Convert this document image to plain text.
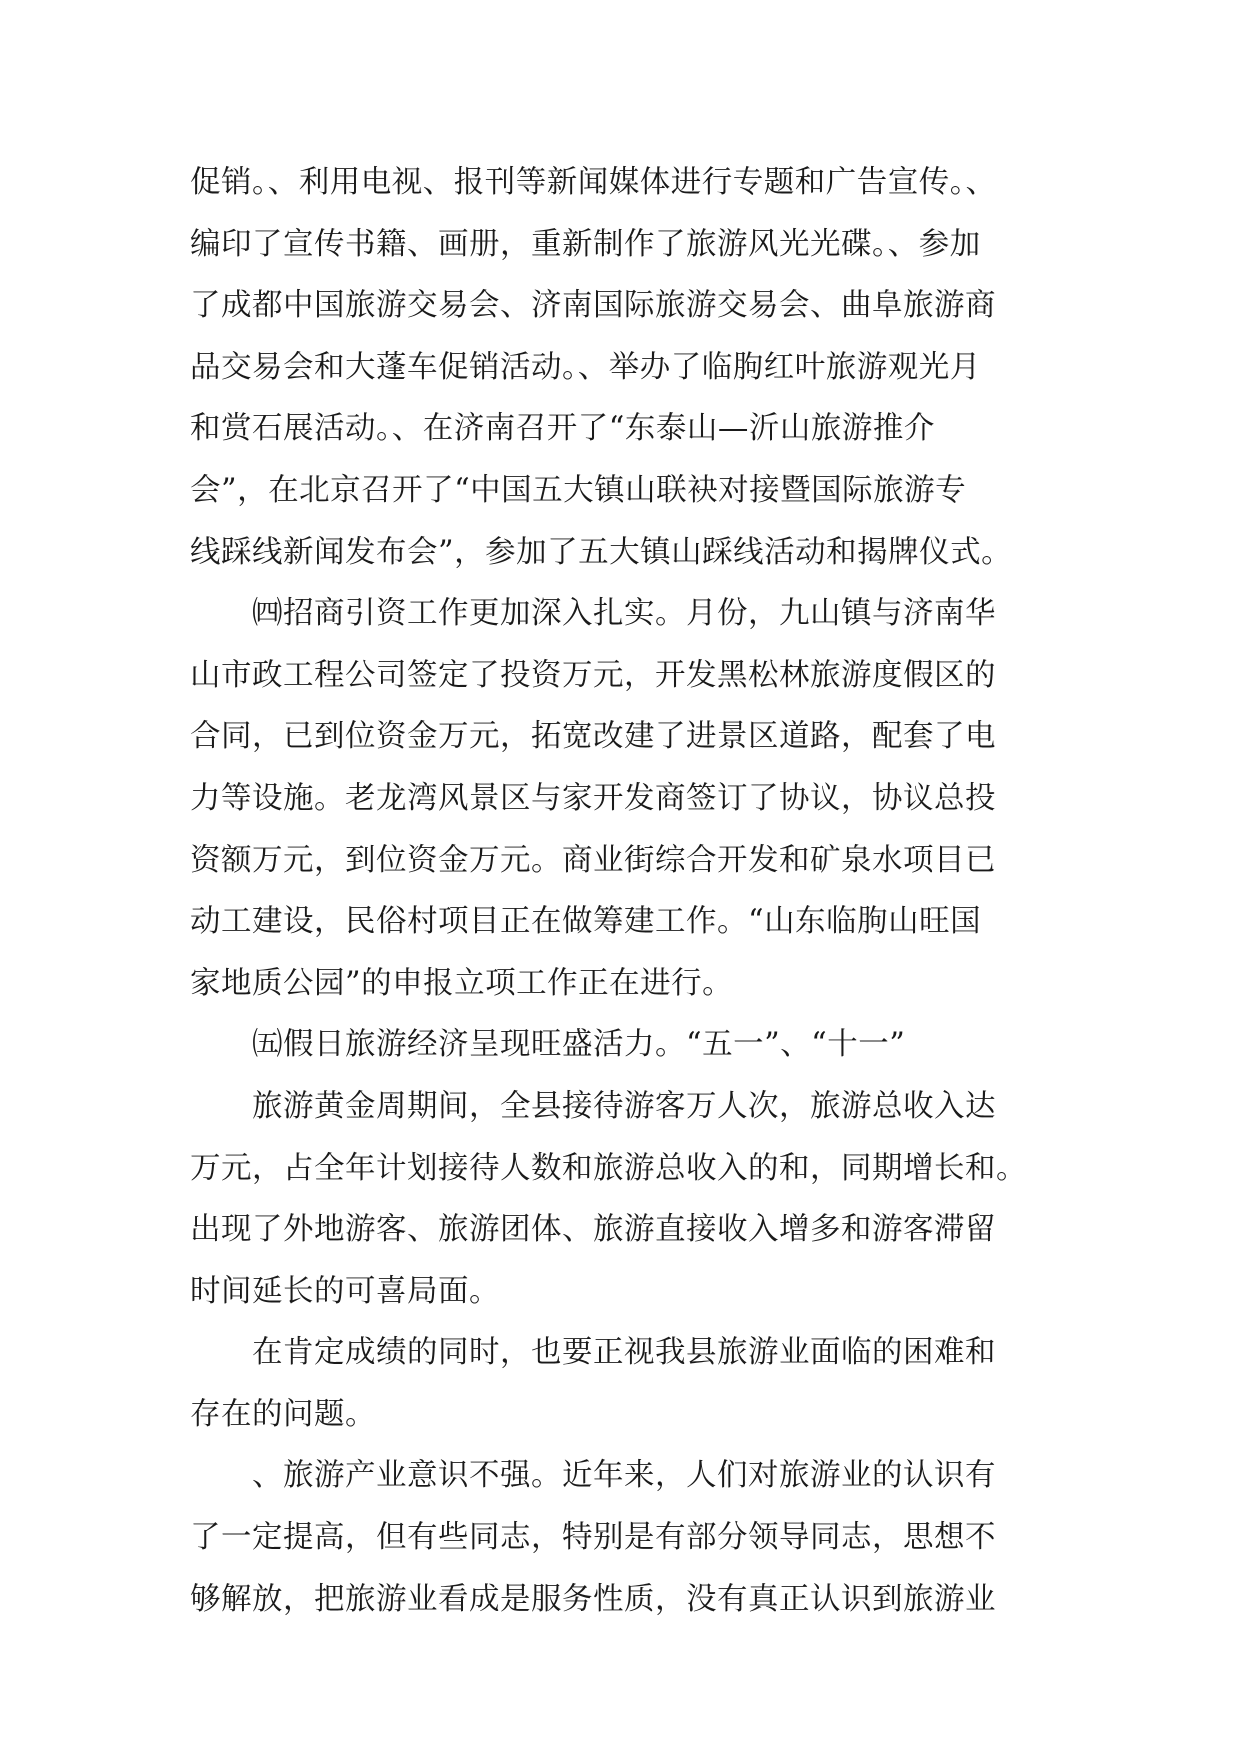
促销。、利用电视、报刊等新闻媒体进行专题和广告宣传。、
编印了宣传书籍、画册，重新制作了旅游风光光碟。、参加
了成都中国旅游交易会、济南国际旅游交易会、曲阜旅游商
品交易会和大蓬车促销活动。、举办了临朐红叶旅游观光月
和赏石展活动。、在济南召开了“东泰山—沂山旅游推介
会”，在北京召开了“中国五大镇山联袂对接暨国际旅游专
线踩线新闻发布会”，参加了五大镇山踩线活动和揭牌仪式。
㈣招商引资工作更加深入扎实。月份，九山镇与济南华
山市政工程公司签定了投资万元，开发黑松林旅游度假区的
合同，已到位资金万元，拓宽改建了进景区道路，配套了电
力等设施。老龙湾风景区与家开发商签订了协议，协议总投
资额万元，到位资金万元。商业街综合开发和矿泉水项目已
动工建设，民俗村项目正在做筹建工作。“山东临朐山旺国
家地质公园”的申报立项工作正在进行。
㈤假日旅游经济呈现旺盛活力。“五一”、“十一”
旅游黄金周期间，全县接待游客万人次，旅游总收入达
万元，占全年计划接待人数和旅游总收入的和，同期增长和。
出现了外地游客、旅游团体、旅游直接收入增多和游客滞留
时间延长的可喜局面。
在肯定成绩的同时，也要正视我县旅游业面临的困难和
存在的问题。
、旅游产业意识不强。近年来，人们对旅游业的认识有
了一定提高，但有些同志，特别是有部分领导同志，思想不
够解放，把旅游业看成是服务性质，没有真正认识到旅游业
